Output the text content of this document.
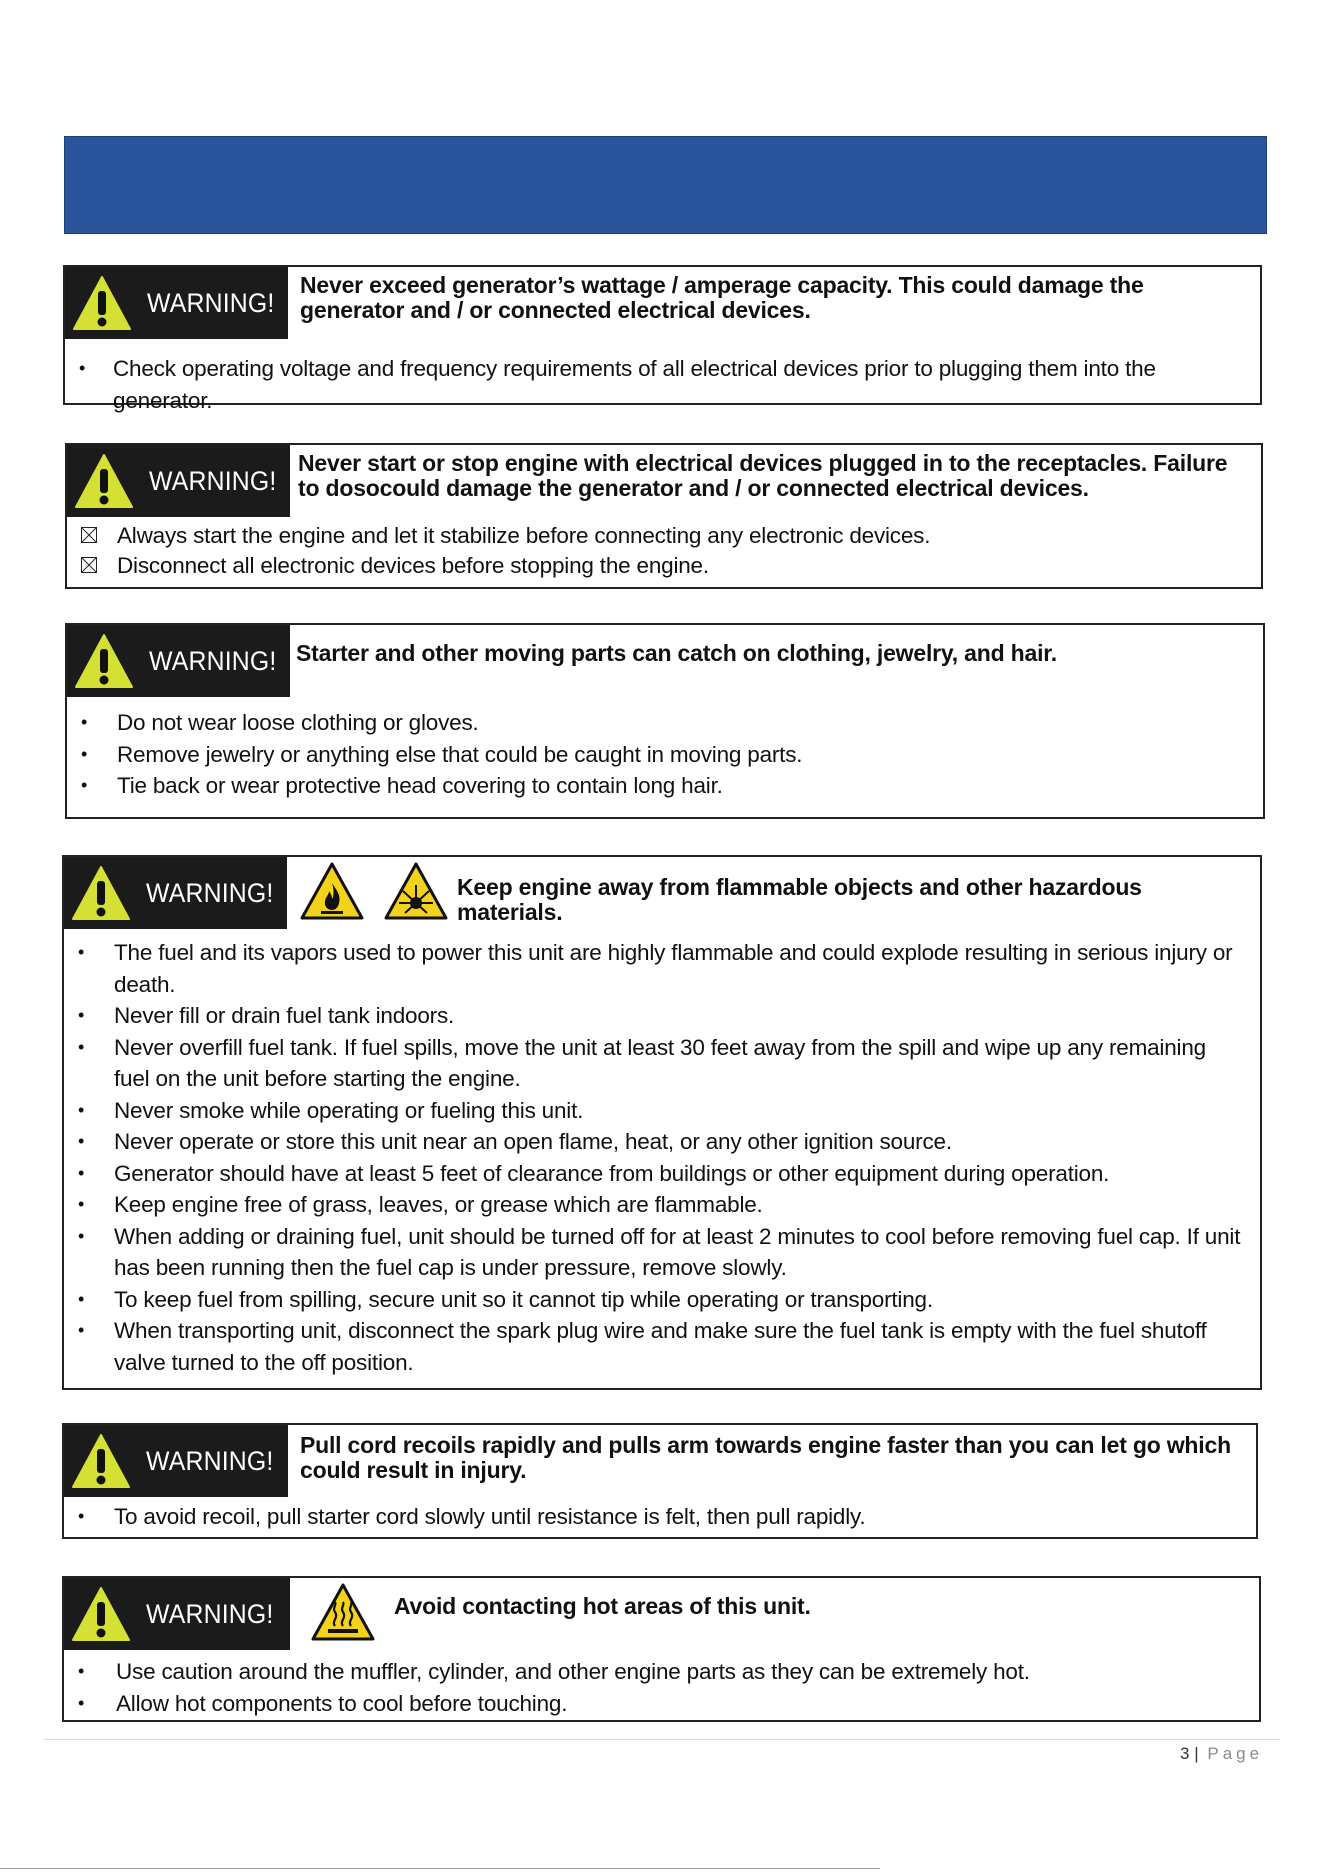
WARNING!
Never exceed generator’s wattage / amperage capacity. This could damage the generator and / or connected electrical devices.
• Check operating voltage and frequency requirements of all electrical devices prior to plugging them into the generator.
WARNING!
Never start or stop engine with electrical devices plugged in to the receptacles. Failure to dosocould damage the generator and / or connected electrical devices.
Always start the engine and let it stabilize before connecting any electronic devices.
Disconnect all electronic devices before stopping the engine.
WARNING! Starter and other moving parts can catch on clothing, jewelry, and hair.
• Do not wear loose clothing or gloves.
• Remove jewelry or anything else that could be caught in moving parts.
• Tie back or wear protective head covering to contain long hair.
WARNING!	Keep engine away from flammable objects and other hazardous materials.
• The fuel and its vapors used to power this unit are highly flammable and could explode resulting in serious injury or death.
• Never fill or drain fuel tank indoors.
• Never overfill fuel tank. If fuel spills, move the unit at least 30 feet away from the spill and wipe up any remaining fuel on the unit before starting the engine.
• Never smoke while operating or fueling this unit.
• Never operate or store this unit near an open flame, heat, or any other ignition source.
• Generator should have at least 5 feet of clearance from buildings or other equipment during operation.
• Keep engine free of grass, leaves, or grease which are flammable.
• When adding or draining fuel, unit should be turned off for at least 2 minutes to cool before removing fuel cap. If unit has been running then the fuel cap is under pressure, remove slowly.
• To keep fuel from spilling, secure unit so it cannot tip while operating or transporting.
• When transporting unit, disconnect the spark plug wire and make sure the fuel tank is empty with the fuel shutoff valve turned to the off position.
WARNING!
Pull cord recoils rapidly and pulls arm towards engine faster than you can let go which could result in injury.
• To avoid recoil, pull starter cord slowly until resistance is felt, then pull rapidly.
WARNING!	Avoid contacting hot areas of this unit.
• Use caution around the muffler, cylinder, and other engine parts as they can be extremely hot.
• Allow hot components to cool before touching.
3 | Page
